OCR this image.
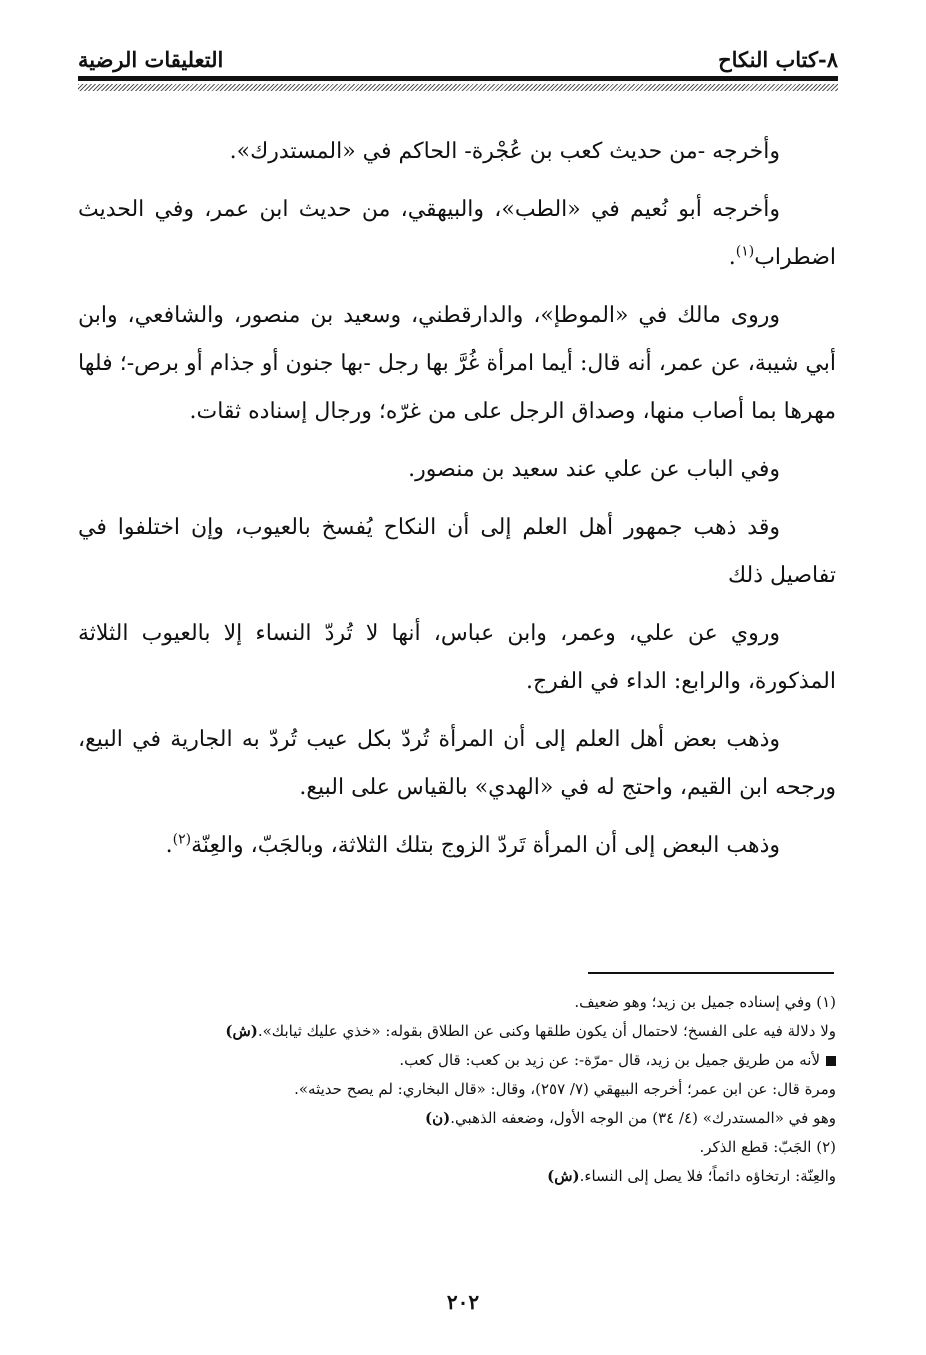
٨-كتاب النكاح
التعليقات الرضية

وأخرجه -من حديث كعب بن عُجْرة- الحاكم في «المستدرك».

وأخرجه أبو نُعيم في «الطب»، والبيهقي، من حديث ابن عمر، وفي الحديث اضطراب$^{(١)}$.

وروى مالك في «الموطإ»، والدارقطني، وسعيد بن منصور، والشافعي، وابن أبي شيبة، عن عمر، أنه قال: أيما امرأة غُرَّ بها رجل -بها جنون أو جذام أو برص-؛ فلها مهرها بما أصاب منها، وصداق الرجل على من غرّه؛ ورجال إسناده ثقات.

وفي الباب عن علي عند سعيد بن منصور.

وقد ذهب جمهور أهل العلم إلى أن النكاح يُفسخ بالعيوب، وإن اختلفوا في تفاصيل ذلك

وروي عن علي، وعمر، وابن عباس، أنها لا تُردّ النساء إلا بالعيوب الثلاثة المذكورة، والرابع: الداء في الفرج.

وذهب بعض أهل العلم إلى أن المرأة تُردّ بكل عيب تُردّ به الجارية في البيع، ورجحه ابن القيم، واحتج له في «الهدي» بالقياس على البيع.

وذهب البعض إلى أن المرأة تَردّ الزوج بتلك الثلاثة، وبالجَبّ، والعِنّة$^{(٢)}$.

(١) وفي إسناده جميل بن زيد؛ وهو ضعيف.

ولا دلالة فيه على الفسخ؛ لاحتمال أن يكون طلقها وكنى عن الطلاق بقوله: «خذي عليك ثيابك».(ش)

لأنه من طريق جميل بن زيد، قال -مرّة-: عن زيد بن كعب: قال كعب.

ومرة قال: عن ابن عمر؛ أخرجه البيهقي (٧/ ٢٥٧)، وقال: «قال البخاري: لم يصح حديثه».

وهو في «المستدرك» (٤/ ٣٤) من الوجه الأول، وضعفه الذهبي.(ن)

(٢) الجَبّ: قطع الذكر.

والعِنّة: ارتخاؤه دائماً؛ فلا يصل إلى النساء.(ش)

٢٠٢
